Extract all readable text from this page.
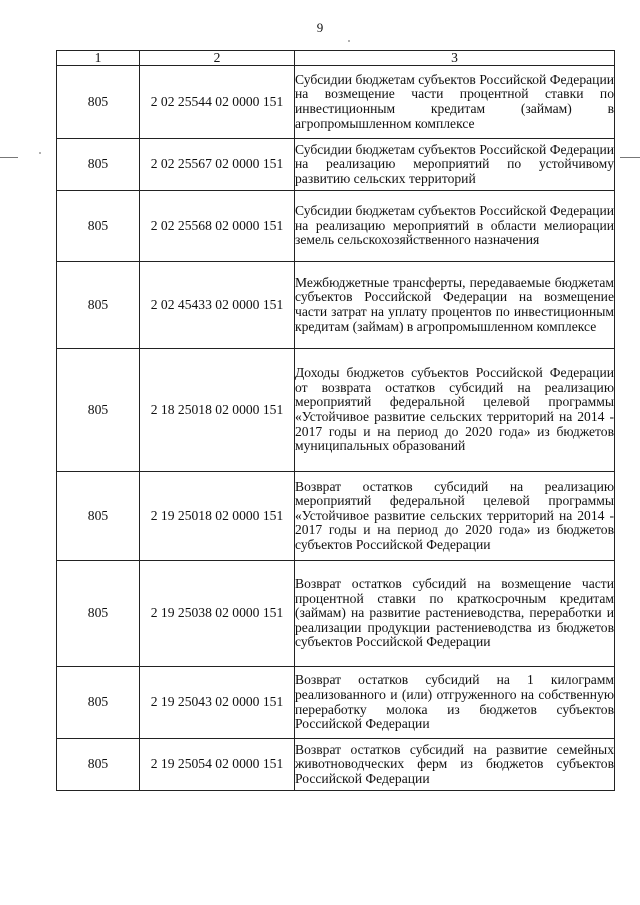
9
1	2	3
805	2 02 25544 02 0000 151	Субсидии бюджетам субъектов Российской Федерации на возмещение части процентной ставки по инвестиционным кредитам (займам) в агропромышленном комплексе
805	2 02 25567 02 0000 151	Субсидии бюджетам субъектов Российской Федерации на реализацию мероприятий по устойчивому развитию сельских территорий
805	2 02 25568 02 0000 151	Субсидии бюджетам субъектов Российской Федерации на реализацию мероприятий в области мелиорации земель сельскохозяйственного назначения
805	2 02 45433 02 0000 151	Межбюджетные трансферты, передаваемые бюджетам субъектов Российской Федерации на возмещение части затрат на уплату процентов по инвестиционным кредитам (займам) в агропромышленном комплексе
805	2 18 25018 02 0000 151	Доходы бюджетов субъектов Российской Федерации от возврата остатков субсидий на реализацию мероприятий федеральной целевой программы «Устойчивое развитие сельских территорий на 2014 - 2017 годы и на период до 2020 года» из бюджетов муниципальных образований
805	2 19 25018 02 0000 151	Возврат остатков субсидий на реализацию мероприятий федеральной целевой программы «Устойчивое развитие сельских территорий на 2014 - 2017 годы и на период до 2020 года» из бюджетов субъектов Российской Федерации
805	2 19 25038 02 0000 151	Возврат остатков субсидий на возмещение части процентной ставки по краткосрочным кредитам (займам) на развитие растениеводства, переработки и реализации продукции растениеводства из бюджетов субъектов Российской Федерации
805	2 19 25043 02 0000 151	Возврат остатков субсидий на 1 килограмм реализованного и (или) отгруженного на собственную переработку молока из бюджетов субъектов Российской Федерации
805	2 19 25054 02 0000 151	Возврат остатков субсидий на развитие семейных животноводческих ферм из бюджетов субъектов Российской Федерации
